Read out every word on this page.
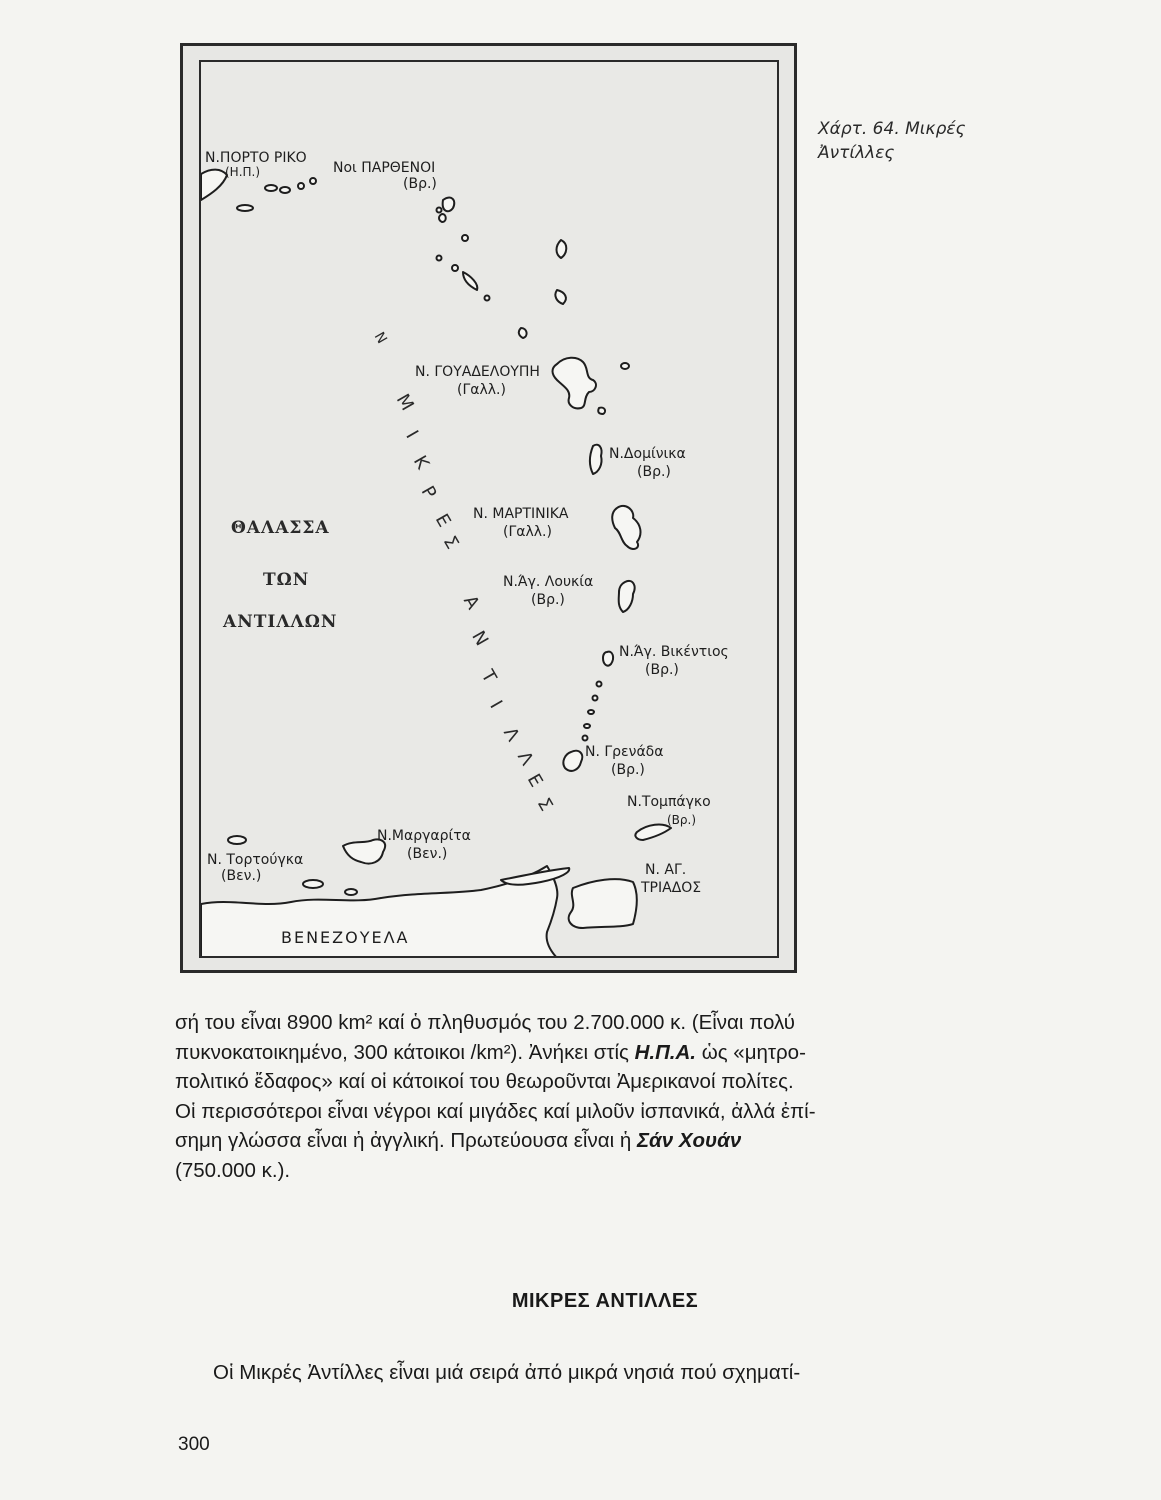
Ν.ΠΟΡΤΟ ΡΙΚΟ
(Η.Π.)	Νοι ΠΑΡΘΕΝΟΙ
(Βρ.)
Ν. ΓΟΥΑΔΕΛΟΥΠΗ
(Γαλλ.)
Ν.Δομίνικα
(Βρ.)
Ν. ΜΑΡΤΙΝΙΚΑ
(Γαλλ.)
Ν.Άγ. Λουκία
(Βρ.)
Ν.Άγ. Βικέντιος
(Βρ.)
Ν. Γρενάδα
(Βρ.)
Ν.Τομπάγκο
(Βρ.)
Ν.Μαργαρίτα
(Βεν.)
Ν. Τορτούγκα
(Βεν.)	Ν. ΑΓ.
ΤΡΙΑΔΟΣ
ΒΕΝΕΖΟΥΕΛΑ
ΘΑΛΑΣΣΑ
ΤΩΝ
ΑΝΤΙΛΛΩΝ
Ν
Μ
Ι
Κ
Ρ
Ε
Σ
Α
Ν
Τ
Ι
Λ
Λ
Ε
Σ
Χάρτ. 64. Μικρές
Ἀντίλλες
σή του εἶναι 8900 km² καί ὁ πληθυσμός του 2.700.000 κ. (Εἶναι πολύ
πυκνοκατοικημένο, 300 κάτοικοι /km²). Ἀνήκει στίς Η.Π.Α. ὡς «μητρο-
πολιτικό ἔδαφος» καί οἱ κάτοικοί του θεωροῦνται Ἀμερικανοί πολίτες.
Οἱ περισσότεροι εἶναι νέγροι καί μιγάδες καί μιλοῦν ἰσπανικά, ἀλλά ἐπί-
σημη γλώσσα εἶναι ἡ ἀγγλική. Πρωτεύουσα εἶναι ἡ Σάν Χουάν
(750.000 κ.).
ΜΙΚΡΕΣ ΑΝΤΙΛΛΕΣ
Οἱ Μικρές Ἀντίλλες εἶναι μιά σειρά ἀπό μικρά νησιά πού σχηματί-
300
